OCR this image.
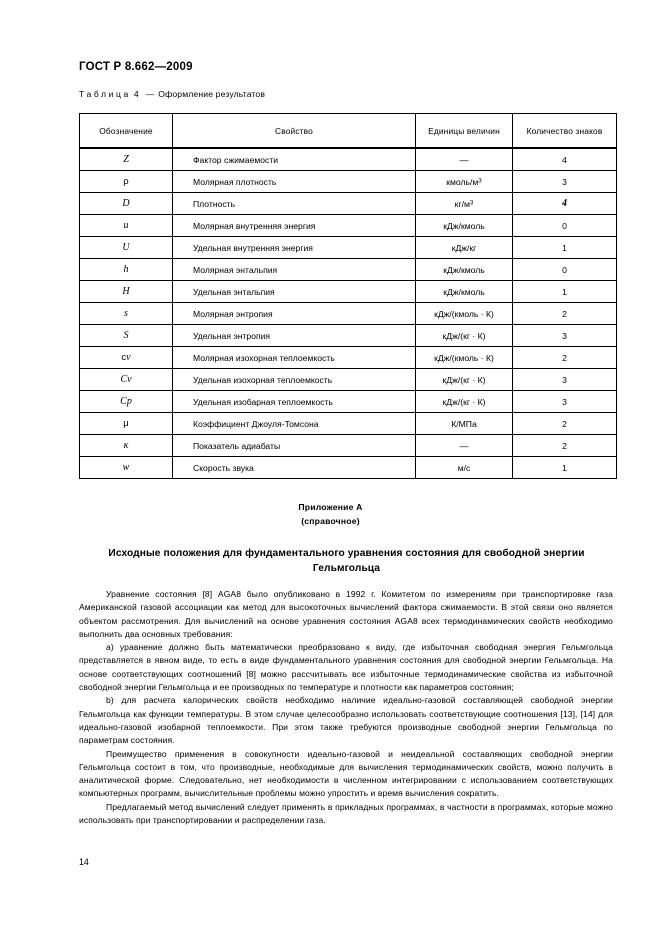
ГОСТ Р 8.662—2009
Таблица 4 — Оформление результатов
Обозначение	Свойство	Единицы величин	Количество знаков
Z	Фактор сжимаемости	—	4
ρ	Молярная плотность	кмоль/$м^3$	3
D	Плотность	$кг/м^3$	4
u	Молярная внутренняя энергия	кДж/кмоль	0
U	Удельная внутренняя энергия	кДж/кг	1
h	Молярная энтальпия	кДж/кмоль	0
H	Удельная энтальпия	кДж/кмоль	1
s	Молярная энтропия	кДж/(кмоль · К)	2
S	Удельная энтропия	кДж/(кг · К)	3
cv	Молярная изохорная теплоемкость	кДж/(кмоль · К)	2
Cv	Удельная изохорная теплоемкость	кДж/(кг · К)	3
Cp	Удельная изобарная теплоемкость	кДж/(кг · К)	3
μ	Коэффициент Джоуля-Томсона	К/МПа	2
κ	Показатель адиабаты	—	2
w	Скорость звука	м/с	1
Приложение А
(справочное)
Исходные положения для фундаментального уравнения состояния для свободной энергии Гельмгольца

Уравнение состояния [8] AGA8 было опубликовано в 1992 г. Комитетом по измерениям при транспортировке газа Американской газовой ассоциации как метод для высокоточных вычислений фактора сжимаемости. В этой связи оно является объектом рассмотрения. Для вычислений на основе уравнения состояния AGA8 всех термодинамических свойств необходимо выполнить два основных требования:

а) уравнение должно быть математически преобразовано к виду, где избыточная свободная энергия Гельмгольца представляется в явном виде, то есть в виде фундаментального уравнения состояния для свободной энергии Гельмгольца. На основе соответствующих соотношений [8] можно рассчитывать все избыточные термодинамические свойства из избыточной свободной энергии Гельмгольца и ее производных по температуре и плотности как параметров состояния;

b) для расчета калорических свойств необходимо наличие идеально-газовой составляющей свободной энергии Гельмгольца как функции температуры. В этом случае целесообразно использовать соответствующие соотношения [13], [14] для идеально-газовой изобарной теплоемкости. При этом также требуются производные свободной энергии Гельмгольца по параметрам состояния.

Преимущество применения в совокупности идеально-газовой и неидеальной составляющих свободной энергии Гельмгольца состоит в том, что производные, необходимые для вычисления термодинамических свойств, можно получить в аналитической форме. Следовательно, нет необходимости в численном интегрировании с использованием соответствующих компьютерных программ, вычислительные проблемы можно упростить и время вычисления сократить.

Предлагаемый метод вычислений следует применять в прикладных программах, в частности в программах, которые можно использовать при транспортировании и распределении газа.

14
